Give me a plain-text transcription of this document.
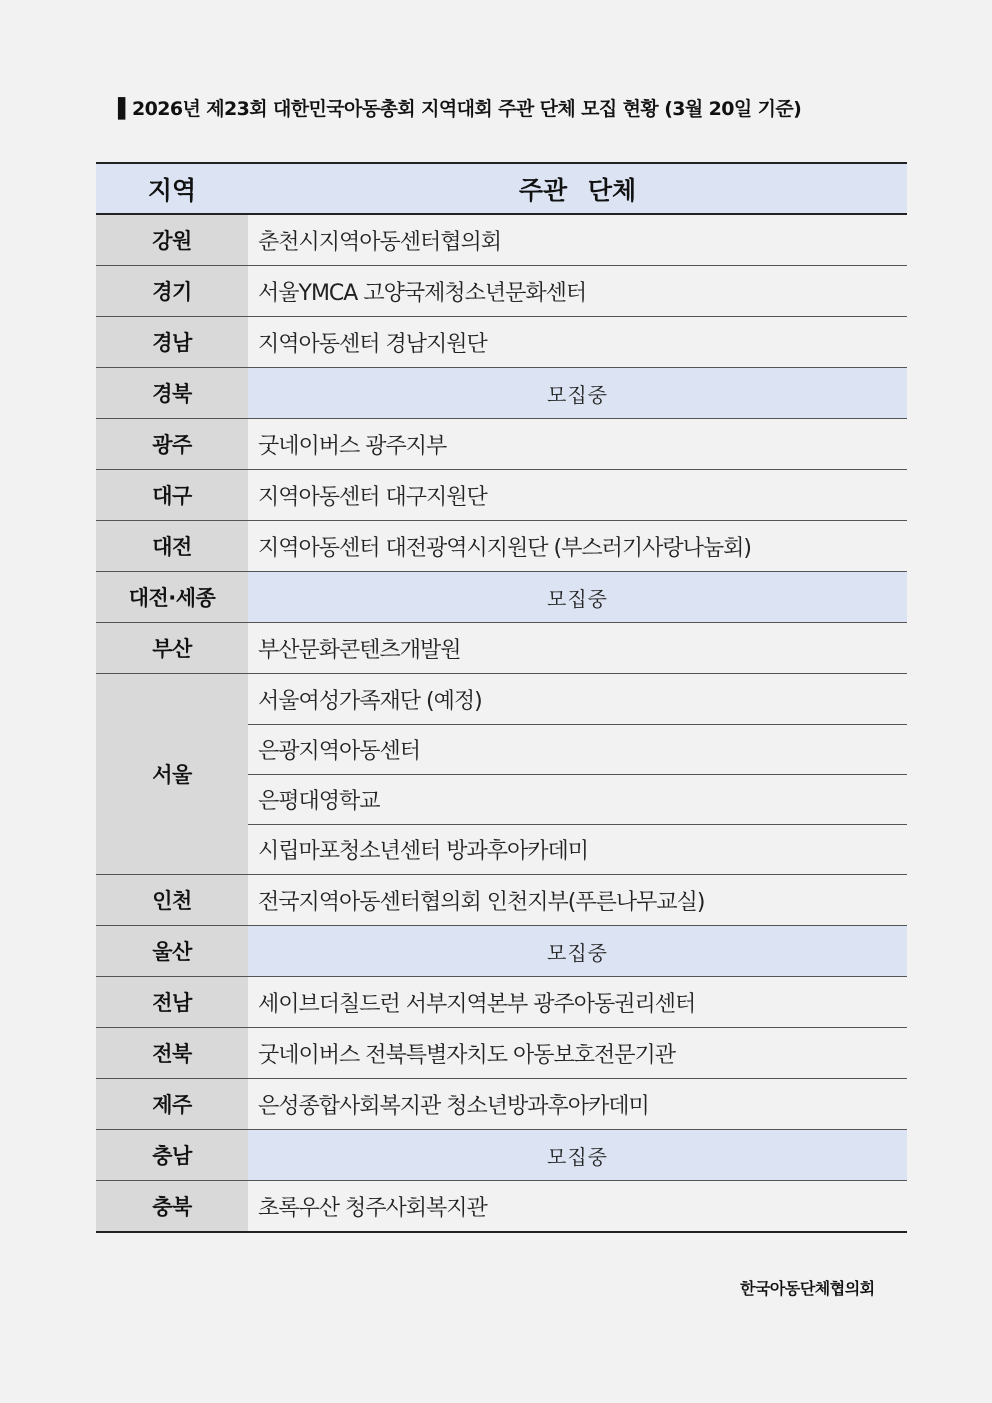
▌2026년 제23회 대한민국아동총회 지역대회 주관 단체 모집 현황 (3월 20일 기준)
지역	주관 단체
강원	춘천시지역아동센터협의회
경기	서울YMCA 고양국제청소년문화센터
경남	지역아동센터 경남지원단
경북	모집중
광주	굿네이버스 광주지부
대구	지역아동센터 대구지원단
대전	지역아동센터 대전광역시지원단 (부스러기사랑나눔회)
대전·세종	모집중
부산	부산문화콘텐츠개발원
서울	서울여성가족재단 (예정)
	은광지역아동센터
	은평대영학교
	시립마포청소년센터 방과후아카데미
인천	전국지역아동센터협의회 인천지부(푸른나무교실)
울산	모집중
전남	세이브더칠드런 서부지역본부 광주아동권리센터
전북	굿네이버스 전북특별자치도 아동보호전문기관
제주	은성종합사회복지관 청소년방과후아카데미
충남	모집중
충북	초록우산 청주사회복지관
한국아동단체협의회
